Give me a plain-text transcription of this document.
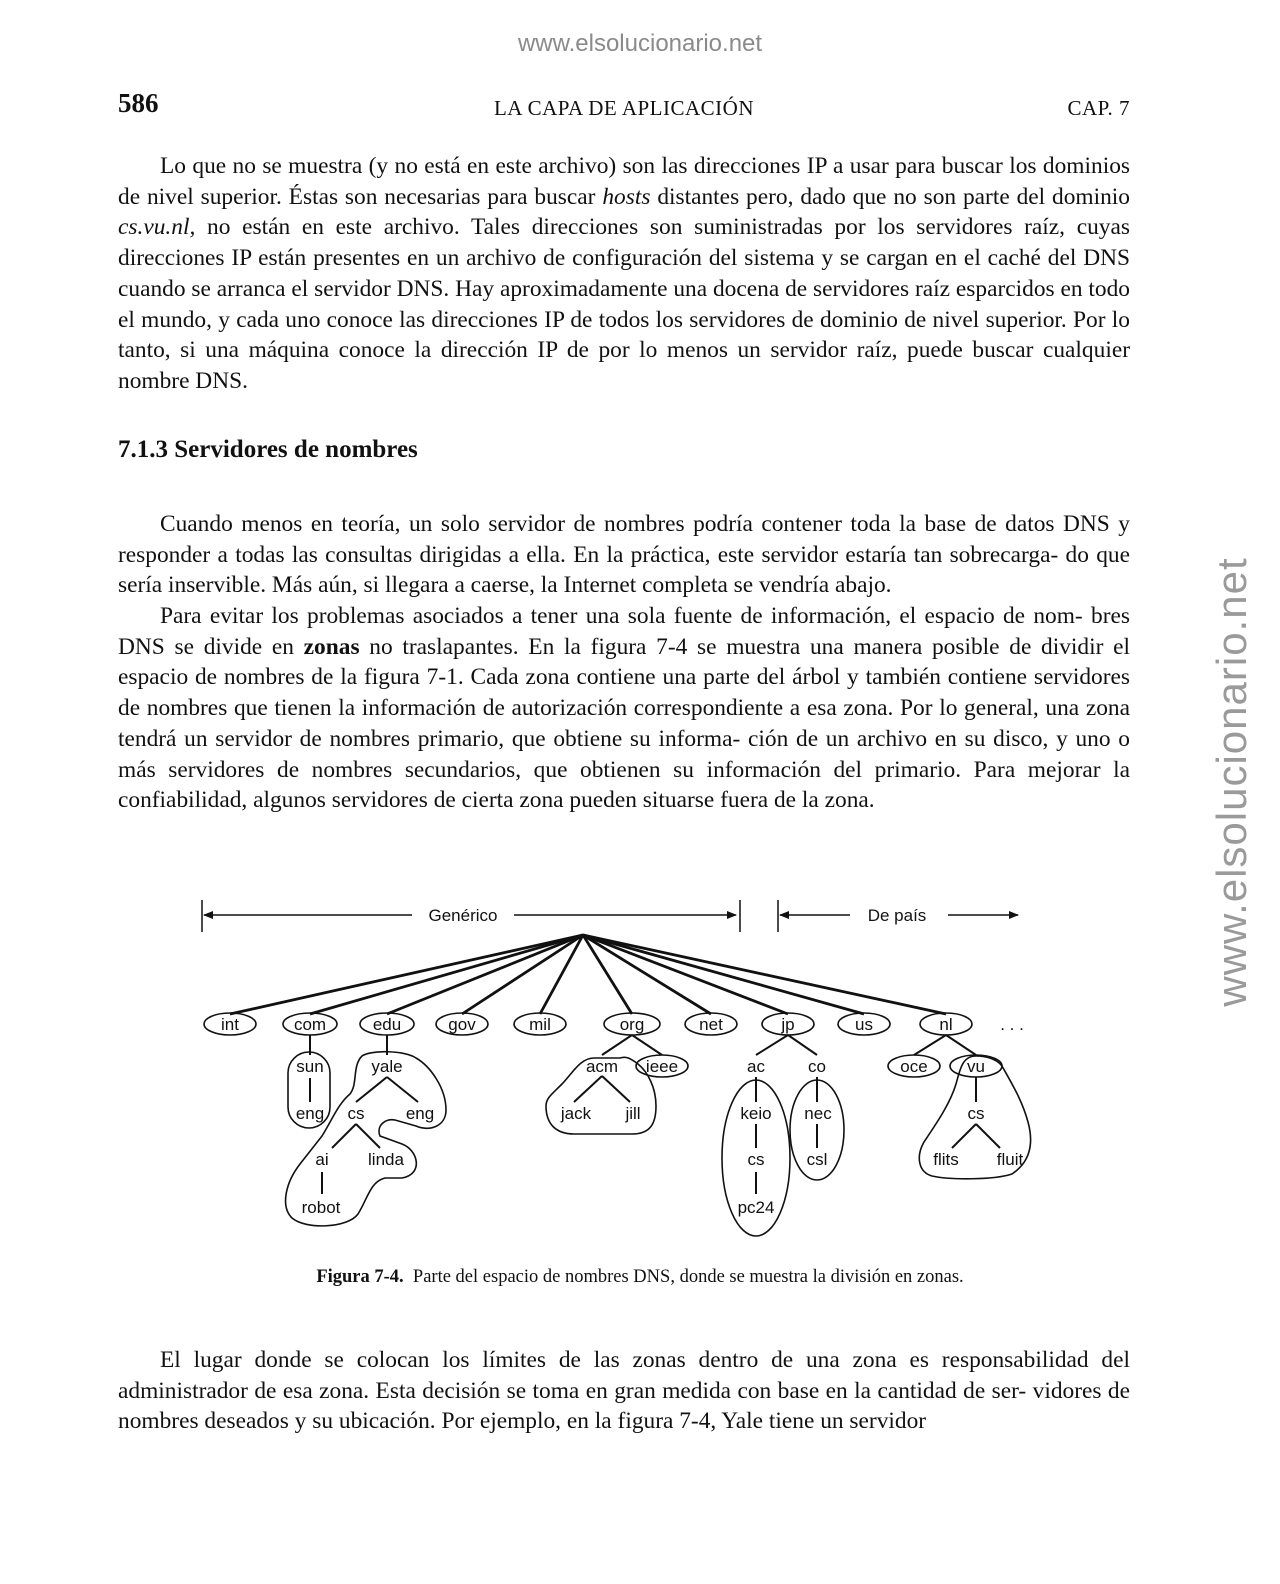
www.elsolucionario.net
www.elsolucionario.net
586	LA CAPA DE APLICACIÓN	CAP. 7

Lo que no se muestra (y no está en este archivo) son las direcciones IP a usar para buscar los dominios de nivel superior. Éstas son necesarias para buscar hosts distantes pero, dado que no son parte del dominio cs.vu.nl, no están en este archivo. Tales direcciones son suministradas por los servidores raíz, cuyas direcciones IP están presentes en un archivo de configuración del sistema y se cargan en el caché del DNS cuando se arranca el servidor DNS. Hay aproximadamente una docena de servidores raíz esparcidos en todo el mundo, y cada uno conoce las direcciones IP de todos los servidores de dominio de nivel superior. Por lo tanto, si una máquina conoce la dirección IP de por lo menos un servidor raíz, puede buscar cualquier nombre DNS.

7.1.3 Servidores de nombres

Cuando menos en teoría, un solo servidor de nombres podría contener toda la base de datos DNS y responder a todas las consultas dirigidas a ella. En la práctica, este servidor estaría tan sobrecarga- do que sería inservible. Más aún, si llegara a caerse, la Internet completa se vendría abajo.

Para evitar los problemas asociados a tener una sola fuente de información, el espacio de nom- bres DNS se divide en zonas no traslapantes. En la figura 7-4 se muestra una manera posible de dividir el espacio de nombres de la figura 7-1. Cada zona contiene una parte del árbol y también contiene servidores de nombres que tienen la información de autorización correspondiente a esa zona. Por lo general, una zona tendrá un servidor de nombres primario, que obtiene su informa- ción de un archivo en su disco, y uno o más servidores de nombres secundarios, que obtienen su información del primario. Para mejorar la confiabilidad, algunos servidores de cierta zona pueden situarse fuera de la zona.

Genérico	De país
. . .
int	com	edu	gov	mil	org	net	jp	us	nl
sun
eng
yale
cs eng
ai linda
robot
acm ieee
jack jill
ac	co
keio
cs
pc24
nec
csl
oce vu
cs
flits fluit
Figura 7-4. Parte del espacio de nombres DNS, donde se muestra la división en zonas.

El lugar donde se colocan los límites de las zonas dentro de una zona es responsabilidad del administrador de esa zona. Esta decisión se toma en gran medida con base en la cantidad de ser- vidores de nombres deseados y su ubicación. Por ejemplo, en la figura 7-4, Yale tiene un servidor
